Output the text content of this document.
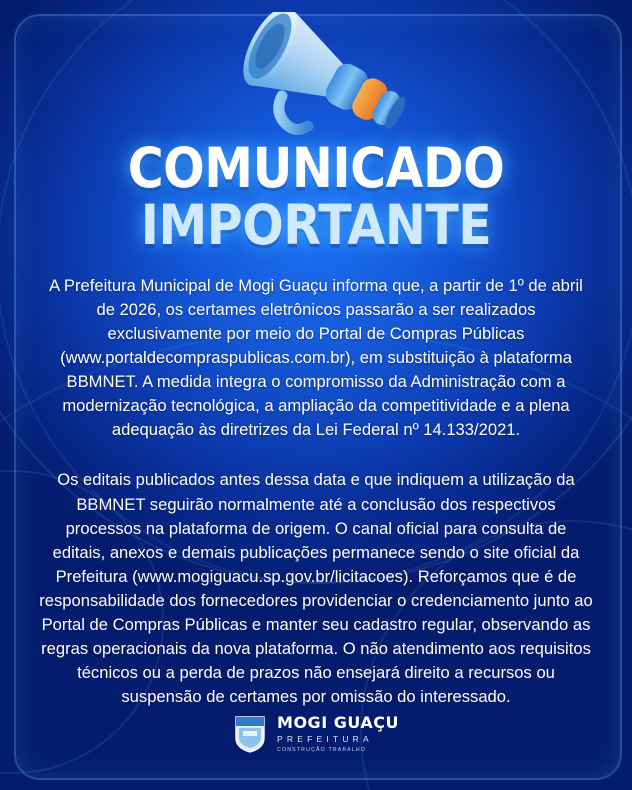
COMUNICADO
IMPORTANTE

A Prefeitura Municipal de Mogi Guaçu informa que, a partir de 1º de abril de 2026, os certames eletrônicos passarão a ser realizados exclusivamente por meio do Portal de Compras Públicas (www.portaldecompraspublicas.com.br), em substituição à plataforma BBMNET. A medida integra o compromisso da Administração com a modernização tecnológica, a ampliação da competitividade e a plena adequação às diretrizes da Lei Federal nº 14.133/2021.

Os editais publicados antes dessa data e que indiquem a utilização da BBMNET seguirão normalmente até a conclusão dos respectivos processos na plataforma de origem. O canal oficial para consulta de editais, anexos e demais publicações permanece sendo o site oficial da Prefeitura (www.mogiguacu.sp.gov.br/licitacoes). Reforçamos que é de responsabilidade dos fornecedores providenciar o credenciamento junto ao Portal de Compras Públicas e manter seu cadastro regular, observando as regras operacionais da nova plataforma. O não atendimento aos requisitos técnicos ou a perda de prazos não ensejará direito a recursos ou suspensão de certames por omissão do interessado.

MOGI GUAÇU
PREFEITURA
CONSTRUÇÃO TRABALHO
